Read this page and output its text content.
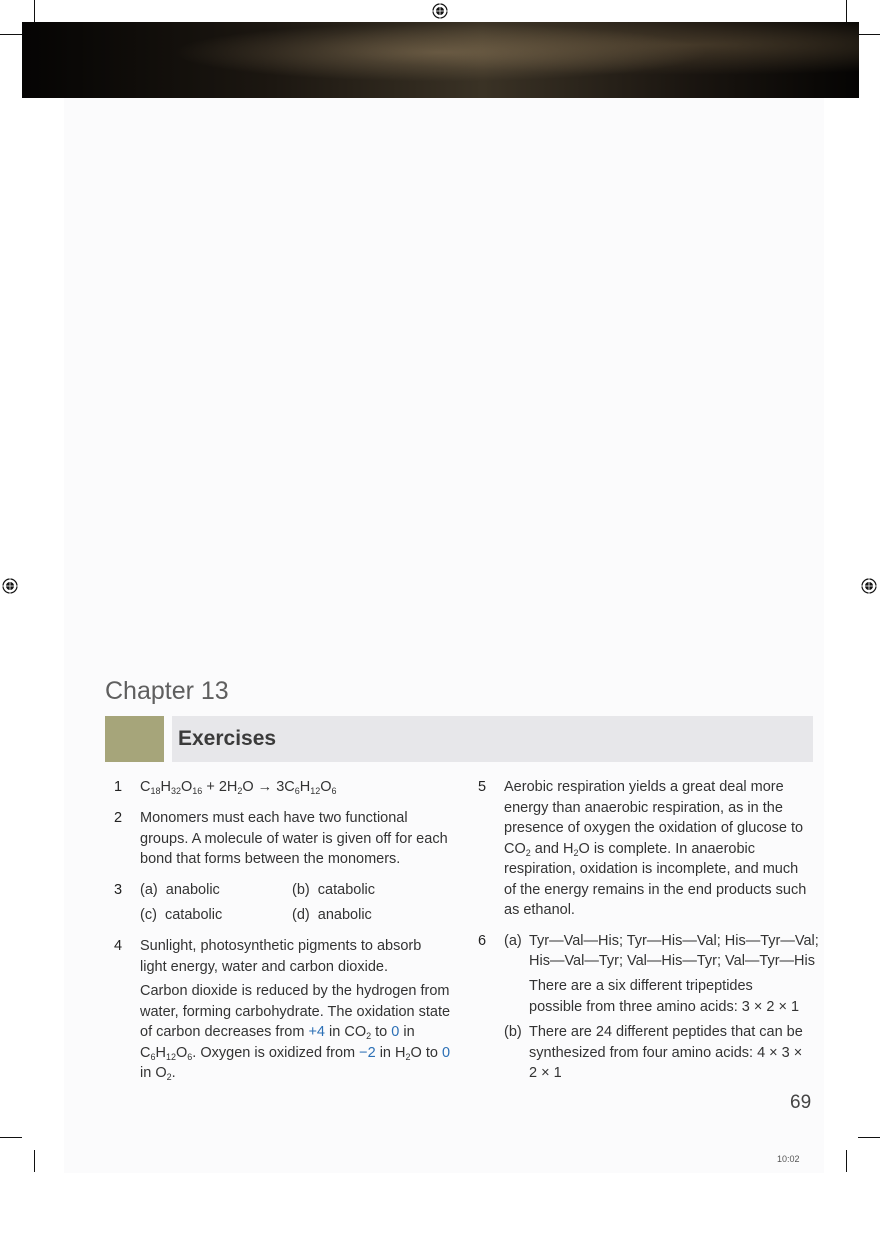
Chapter 13
Exercises
1 $C_{18}H_{32}O_{16} + 2H_2O \to 3C_6H_{12}O_6$
2 Monomers must each have two functional groups. A molecule of water is given off for each bond that forms between the monomers.
3 (a) anabolic	(b) catabolic
(c) catabolic	(d) anabolic
4 Sunlight, photosynthetic pigments to absorb light energy, water and carbon dioxide.
Carbon dioxide is reduced by the hydrogen from water, forming carbohydrate. The oxidation state of carbon decreases from +4 in $CO_2$ to 0 in $C_6H_{12}O_6$. Oxygen is oxidized from −2 in $H_2O$ to 0 in $O_2$.
5 Aerobic respiration yields a great deal more energy than anaerobic respiration, as in the presence of oxygen the oxidation of glucose to $CO_2$ and $H_2O$ is complete. In anaerobic respiration, oxidation is incomplete, and much of the energy remains in the end products such as ethanol.
6 (a) Tyr—Val—His; Tyr—His—Val; His—Tyr—Val;
His—Val—Tyr; Val—His—Tyr; Val—Tyr—His
There are a six different tripeptides possible from three amino acids: 3 × 2 × 1
(b) There are 24 different peptides that can be synthesized from four amino acids: 4 × 3 × 2 × 1
69
10:02
